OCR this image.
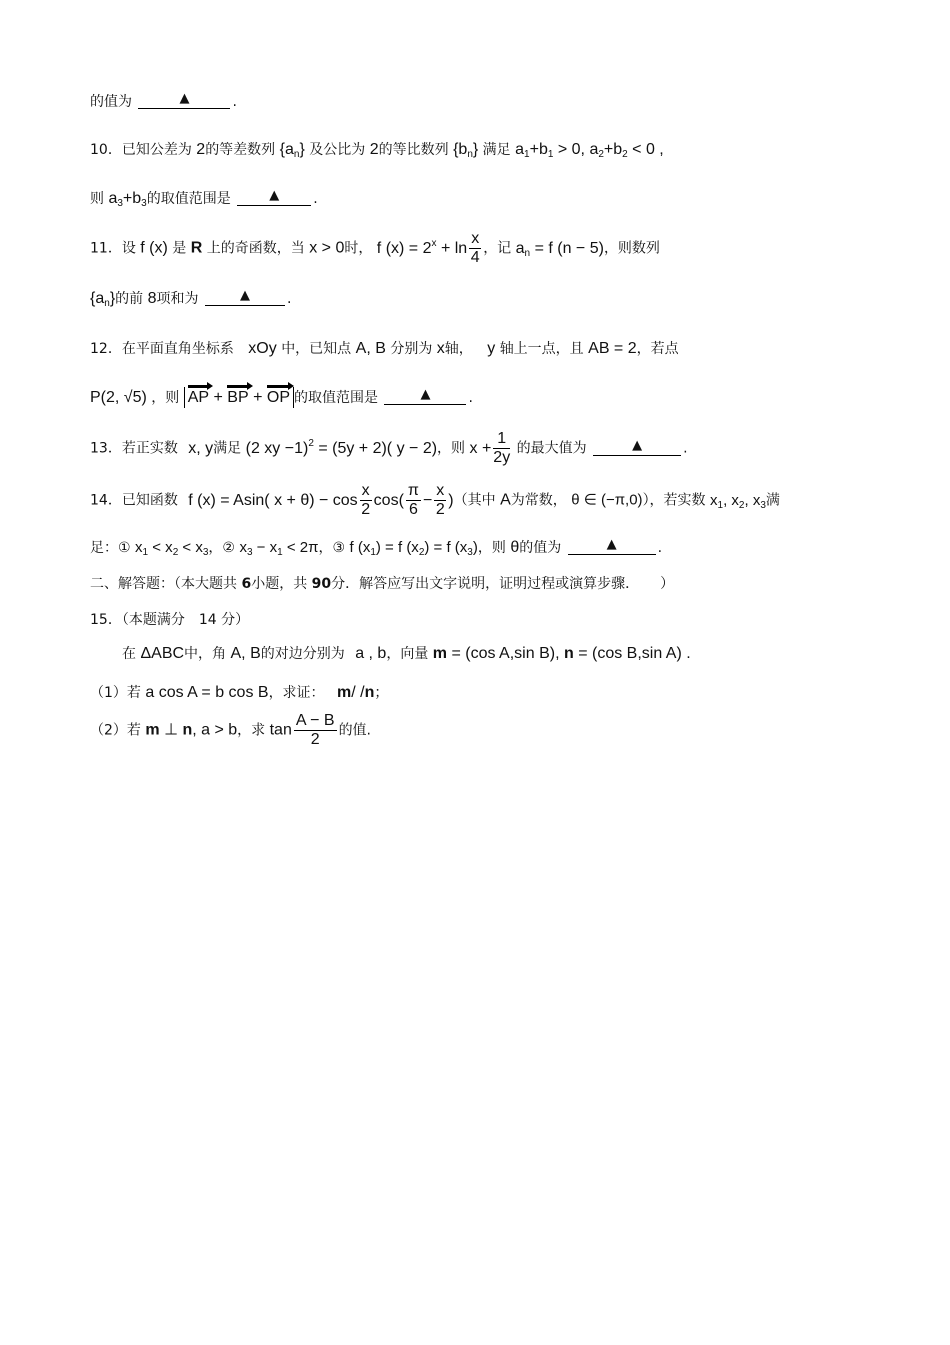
的值为	▲	.
10．已知公差为 2的等差数列 $\{a_n\}$ 及公比为 2的等比数列 $\{b_n\}$ 满足 $a_1+b_1 > 0$, $a_2+b_2 < 0$ ,
则 $a_3+b_3$的取值范围是	▲ .
11．设 f (x) 是 R 上的奇函数，当 x > 0时， f $(x) = 2^x + \ln \frac{x}{4}$ ，记 $a_n = f$ (n − 5)，则数列
$\{a_n\}$的前 8项和为	▲	.
12．在平面直角坐标系 xOy 中，已知点 A, B 分别为 x轴， y 轴上一点，且 AB = 2，若点
P(2, √5) ，则 AP + BP + OP 的取值范围是	▲	.
13．若正实数 x, y满足 (2 xy −1)$^2$ = (5y + 2)( y − 2)，则 $x + \frac{1}{2y}$ 的最大值为	▲	.
14．已知函数 f (x) = Asin( $x + \theta) - \cos \frac{x}{2} \cos( \frac{\pi}{6} - \frac{x}{2}$ )（其中 A为常数， θ ∈ (−π,0)），若实数 $x_1$, $x_2$, $x_3$满
足：① $x_1 < x_2 < x_3$，② $x_3 - x_1 < 2\pi$，③ f $(x_1) = f$ $(x_2) = f$ $(x_3)$，则 θ的值为	▲	.
二、解答题：（本大题共 6小题，共 90分．解答应写出文字说明，证明过程或演算步骤．　　）
15．（本题满分　14 分）
在 ΔABC中，角 A, B的对边分别为 a , b，向量 m = (cos A,sin B), n = (cos B,sin A) .
（1）若 a cos A = b cos B，求证： m/ /n；
（2）若 m ⊥ n, a > b，求 $\tan \frac{A - B}{2}$ 的值.
